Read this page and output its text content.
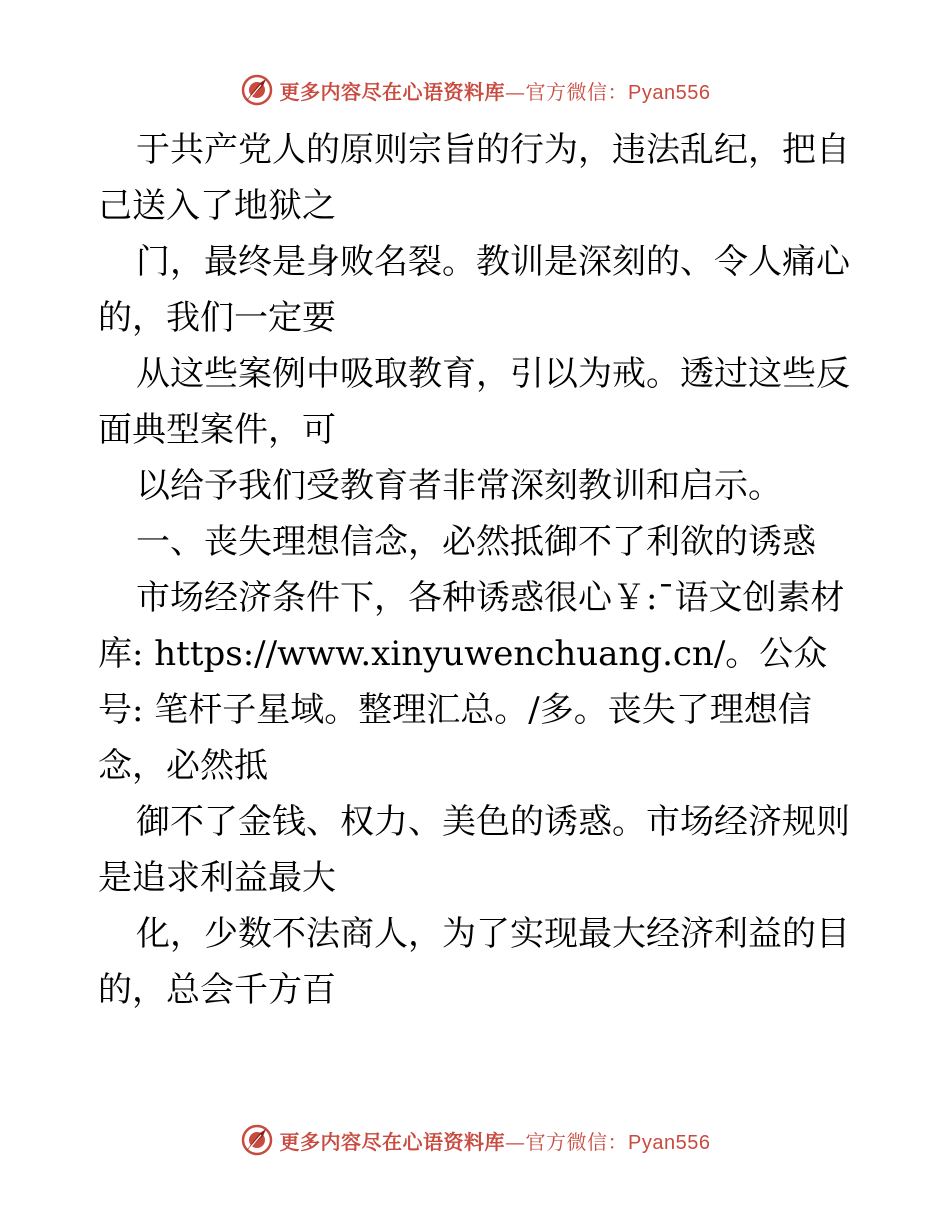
更多内容尽在心语资料库—官方微信：Pyan556

于共产党人的原则宗旨的行为，违法乱纪，把自己送入了地狱之

门，最终是身败名裂。教训是深刻的、令人痛心的，我们一定要

从这些案例中吸取教育，引以为戒。透过这些反面典型案件，可

以给予我们受教育者非常深刻教训和启示。

一、丧失理想信念，必然抵御不了利欲的诱惑

市场经济条件下，各种诱惑很心￥:¯语文创素材库: https://www.xinyuwenchuang.cn/。公众号: 笔杆子星域。整理汇总。/多。丧失了理想信念，必然抵

御不了金钱、权力、美色的诱惑。市场经济规则是追求利益最大

化，少数不法商人，为了实现最大经济利益的目的，总会千方百

更多内容尽在心语资料库—官方微信：Pyan556
